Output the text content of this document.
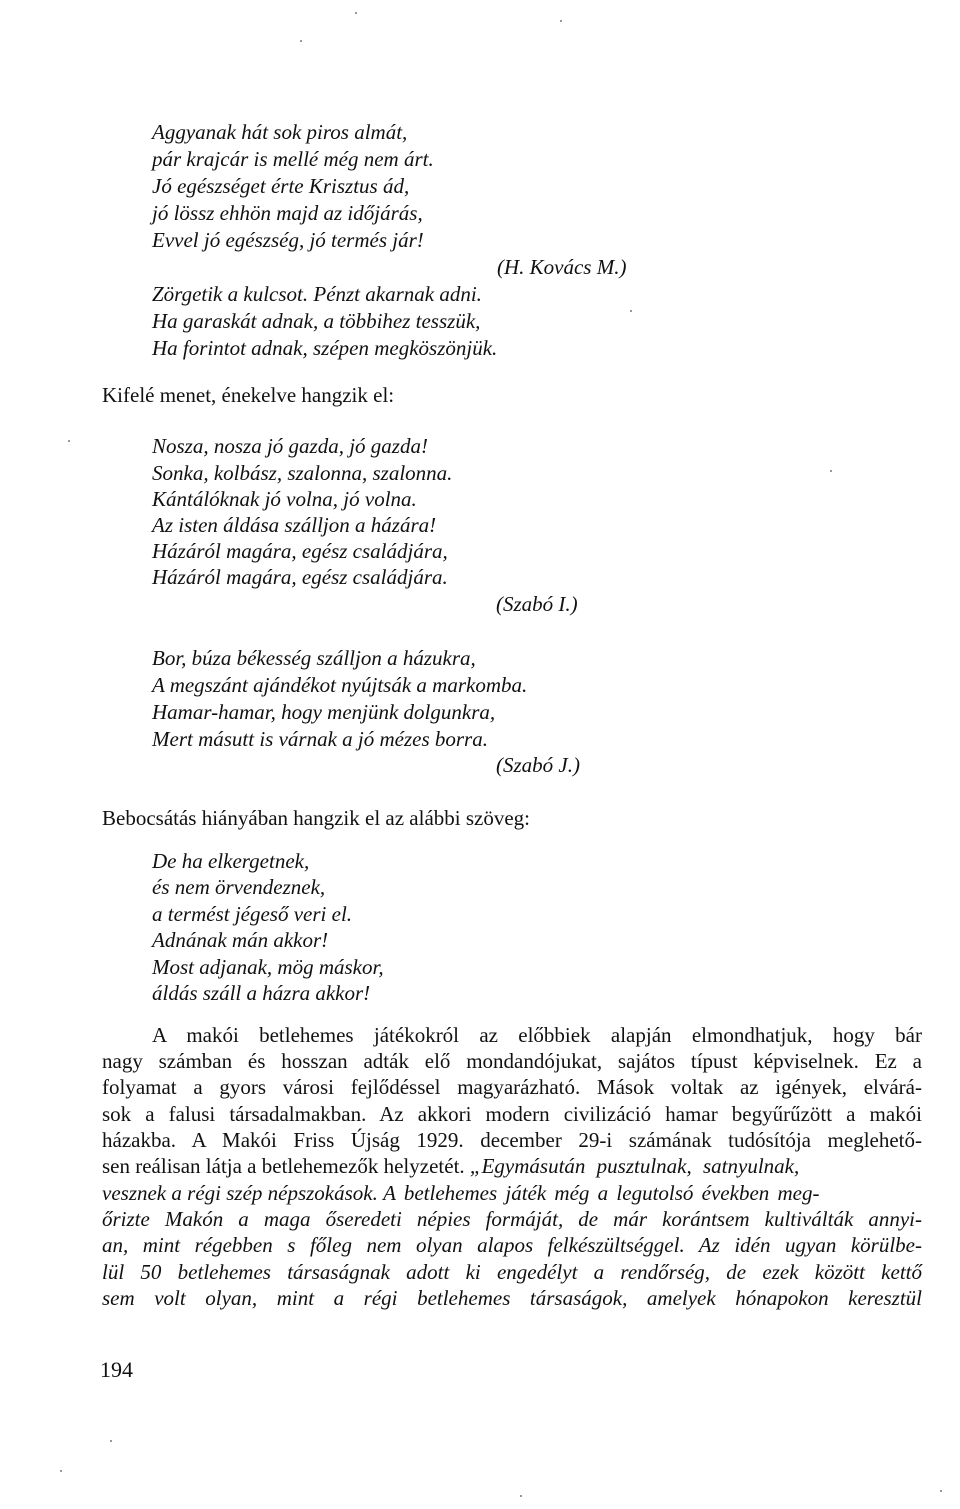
Aggyanak hát sok piros almát,
pár krajcár is mellé még nem árt.
Jó egészséget érte Krisztus ád,
jó lössz ehhön majd az időjárás,
Evvel jó egészség, jó termés jár!
(H. Kovács M.)
Zörgetik a kulcsot. Pénzt akarnak adni.
Ha garaskát adnak, a többihez tesszük,
Ha forintot adnak, szépen megköszönjük.
Kifelé menet, énekelve hangzik el:
Nosza, nosza jó gazda, jó gazda!
Sonka, kolbász, szalonna, szalonna.
Kántálóknak jó volna, jó volna.
Az isten áldása szálljon a házára!
Házáról magára, egész családjára,
Házáról magára, egész családjára.
(Szabó I.)
Bor, búza békesség szálljon a házukra,
A megszánt ajándékot nyújtsák a markomba.
Hamar-hamar, hogy menjünk dolgunkra,
Mert másutt is várnak a jó mézes borra.
(Szabó J.)
Bebocsátás hiányában hangzik el az alábbi szöveg:
De ha elkergetnek,
és nem örvendeznek,
a termést jégeső veri el.
Adnának mán akkor!
Most adjanak, mög máskor,
áldás száll a házra akkor!
A makói betlehemes játékokról az előbbiek alapján elmondhatjuk, hogy bár
nagy számban és hosszan adták elő mondandójukat, sajátos típust képviselnek. Ez a
folyamat a gyors városi fejlődéssel magyarázható. Mások voltak az igények, elvárá-
sok a falusi társadalmakban. Az akkori modern civilizáció hamar begyűrűzött a makói
házakba. A Makói Friss Újság 1929. december 29-i számának tudósítója meglehető-
sen reálisan látja a betlehemezők helyzetét. „Egymásután pusztulnak, satnyulnak,
vesznek a régi szép népszokások. A betlehemes játék még a legutolsó években meg-
őrizte Makón a maga őseredeti népies formáját, de már korántsem kultiválták annyi-
an, mint régebben s főleg nem olyan alapos felkészültséggel. Az idén ugyan körülbe-
lül 50 betlehemes társaságnak adott ki engedélyt a rendőrség, de ezek között kettő
sem volt olyan, mint a régi betlehemes társaságok, amelyek hónapokon keresztül
194
